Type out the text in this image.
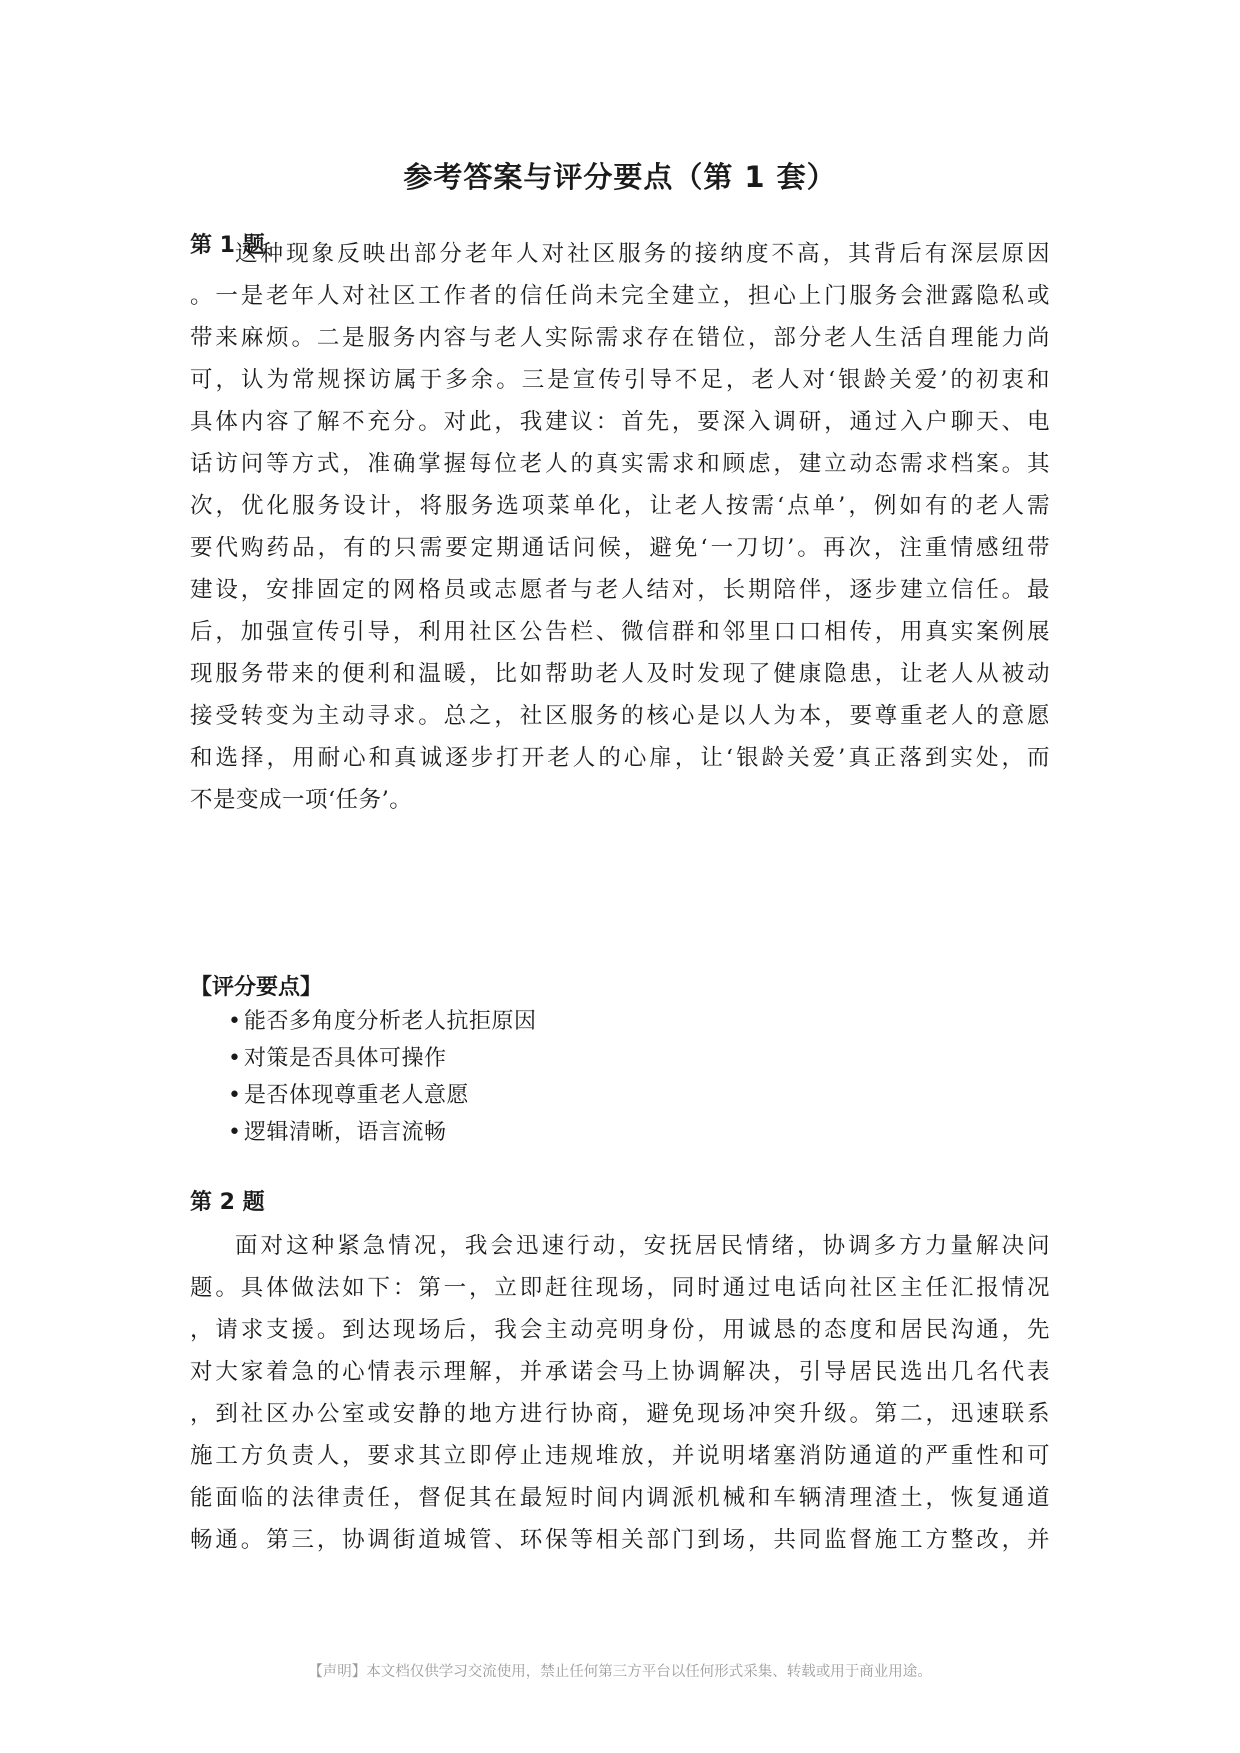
参考答案与评分要点（第 1 套）
第 1 题
这种现象反映出部分老年人对社区服务的接纳度不高，其背后有深层原因
。一是老年人对社区工作者的信任尚未完全建立，担心上门服务会泄露隐私或
带来麻烦。二是服务内容与老人实际需求存在错位，部分老人生活自理能力尚
可，认为常规探访属于多余。三是宣传引导不足，老人对‘银龄关爱’的初衷和
具体内容了解不充分。对此，我建议：首先，要深入调研，通过入户聊天、电
话访问等方式，准确掌握每位老人的真实需求和顾虑，建立动态需求档案。其
次，优化服务设计，将服务选项菜单化，让老人按需‘点单’，例如有的老人需
要代购药品，有的只需要定期通话问候，避免‘一刀切’。再次，注重情感纽带
建设，安排固定的网格员或志愿者与老人结对，长期陪伴，逐步建立信任。最
后，加强宣传引导，利用社区公告栏、微信群和邻里口口相传，用真实案例展
现服务带来的便利和温暖，比如帮助老人及时发现了健康隐患，让老人从被动
接受转变为主动寻求。总之，社区服务的核心是以人为本，要尊重老人的意愿
和选择，用耐心和真诚逐步打开老人的心扉，让‘银龄关爱’真正落到实处，而
不是变成一项‘任务’。
【评分要点】
• 能否多角度分析老人抗拒原因
• 对策是否具体可操作
• 是否体现尊重老人意愿
• 逻辑清晰，语言流畅
第 2 题
面对这种紧急情况，我会迅速行动，安抚居民情绪，协调多方力量解决问
题。具体做法如下：第一，立即赶往现场，同时通过电话向社区主任汇报情况
，请求支援。到达现场后，我会主动亮明身份，用诚恳的态度和居民沟通，先
对大家着急的心情表示理解，并承诺会马上协调解决，引导居民选出几名代表
，到社区办公室或安静的地方进行协商，避免现场冲突升级。第二，迅速联系
施工方负责人，要求其立即停止违规堆放，并说明堵塞消防通道的严重性和可
能面临的法律责任，督促其在最短时间内调派机械和车辆清理渣土，恢复通道
畅通。第三，协调街道城管、环保等相关部门到场，共同监督施工方整改，并
【声明】本文档仅供学习交流使用，禁止任何第三方平台以任何形式采集、转载或用于商业用途。
